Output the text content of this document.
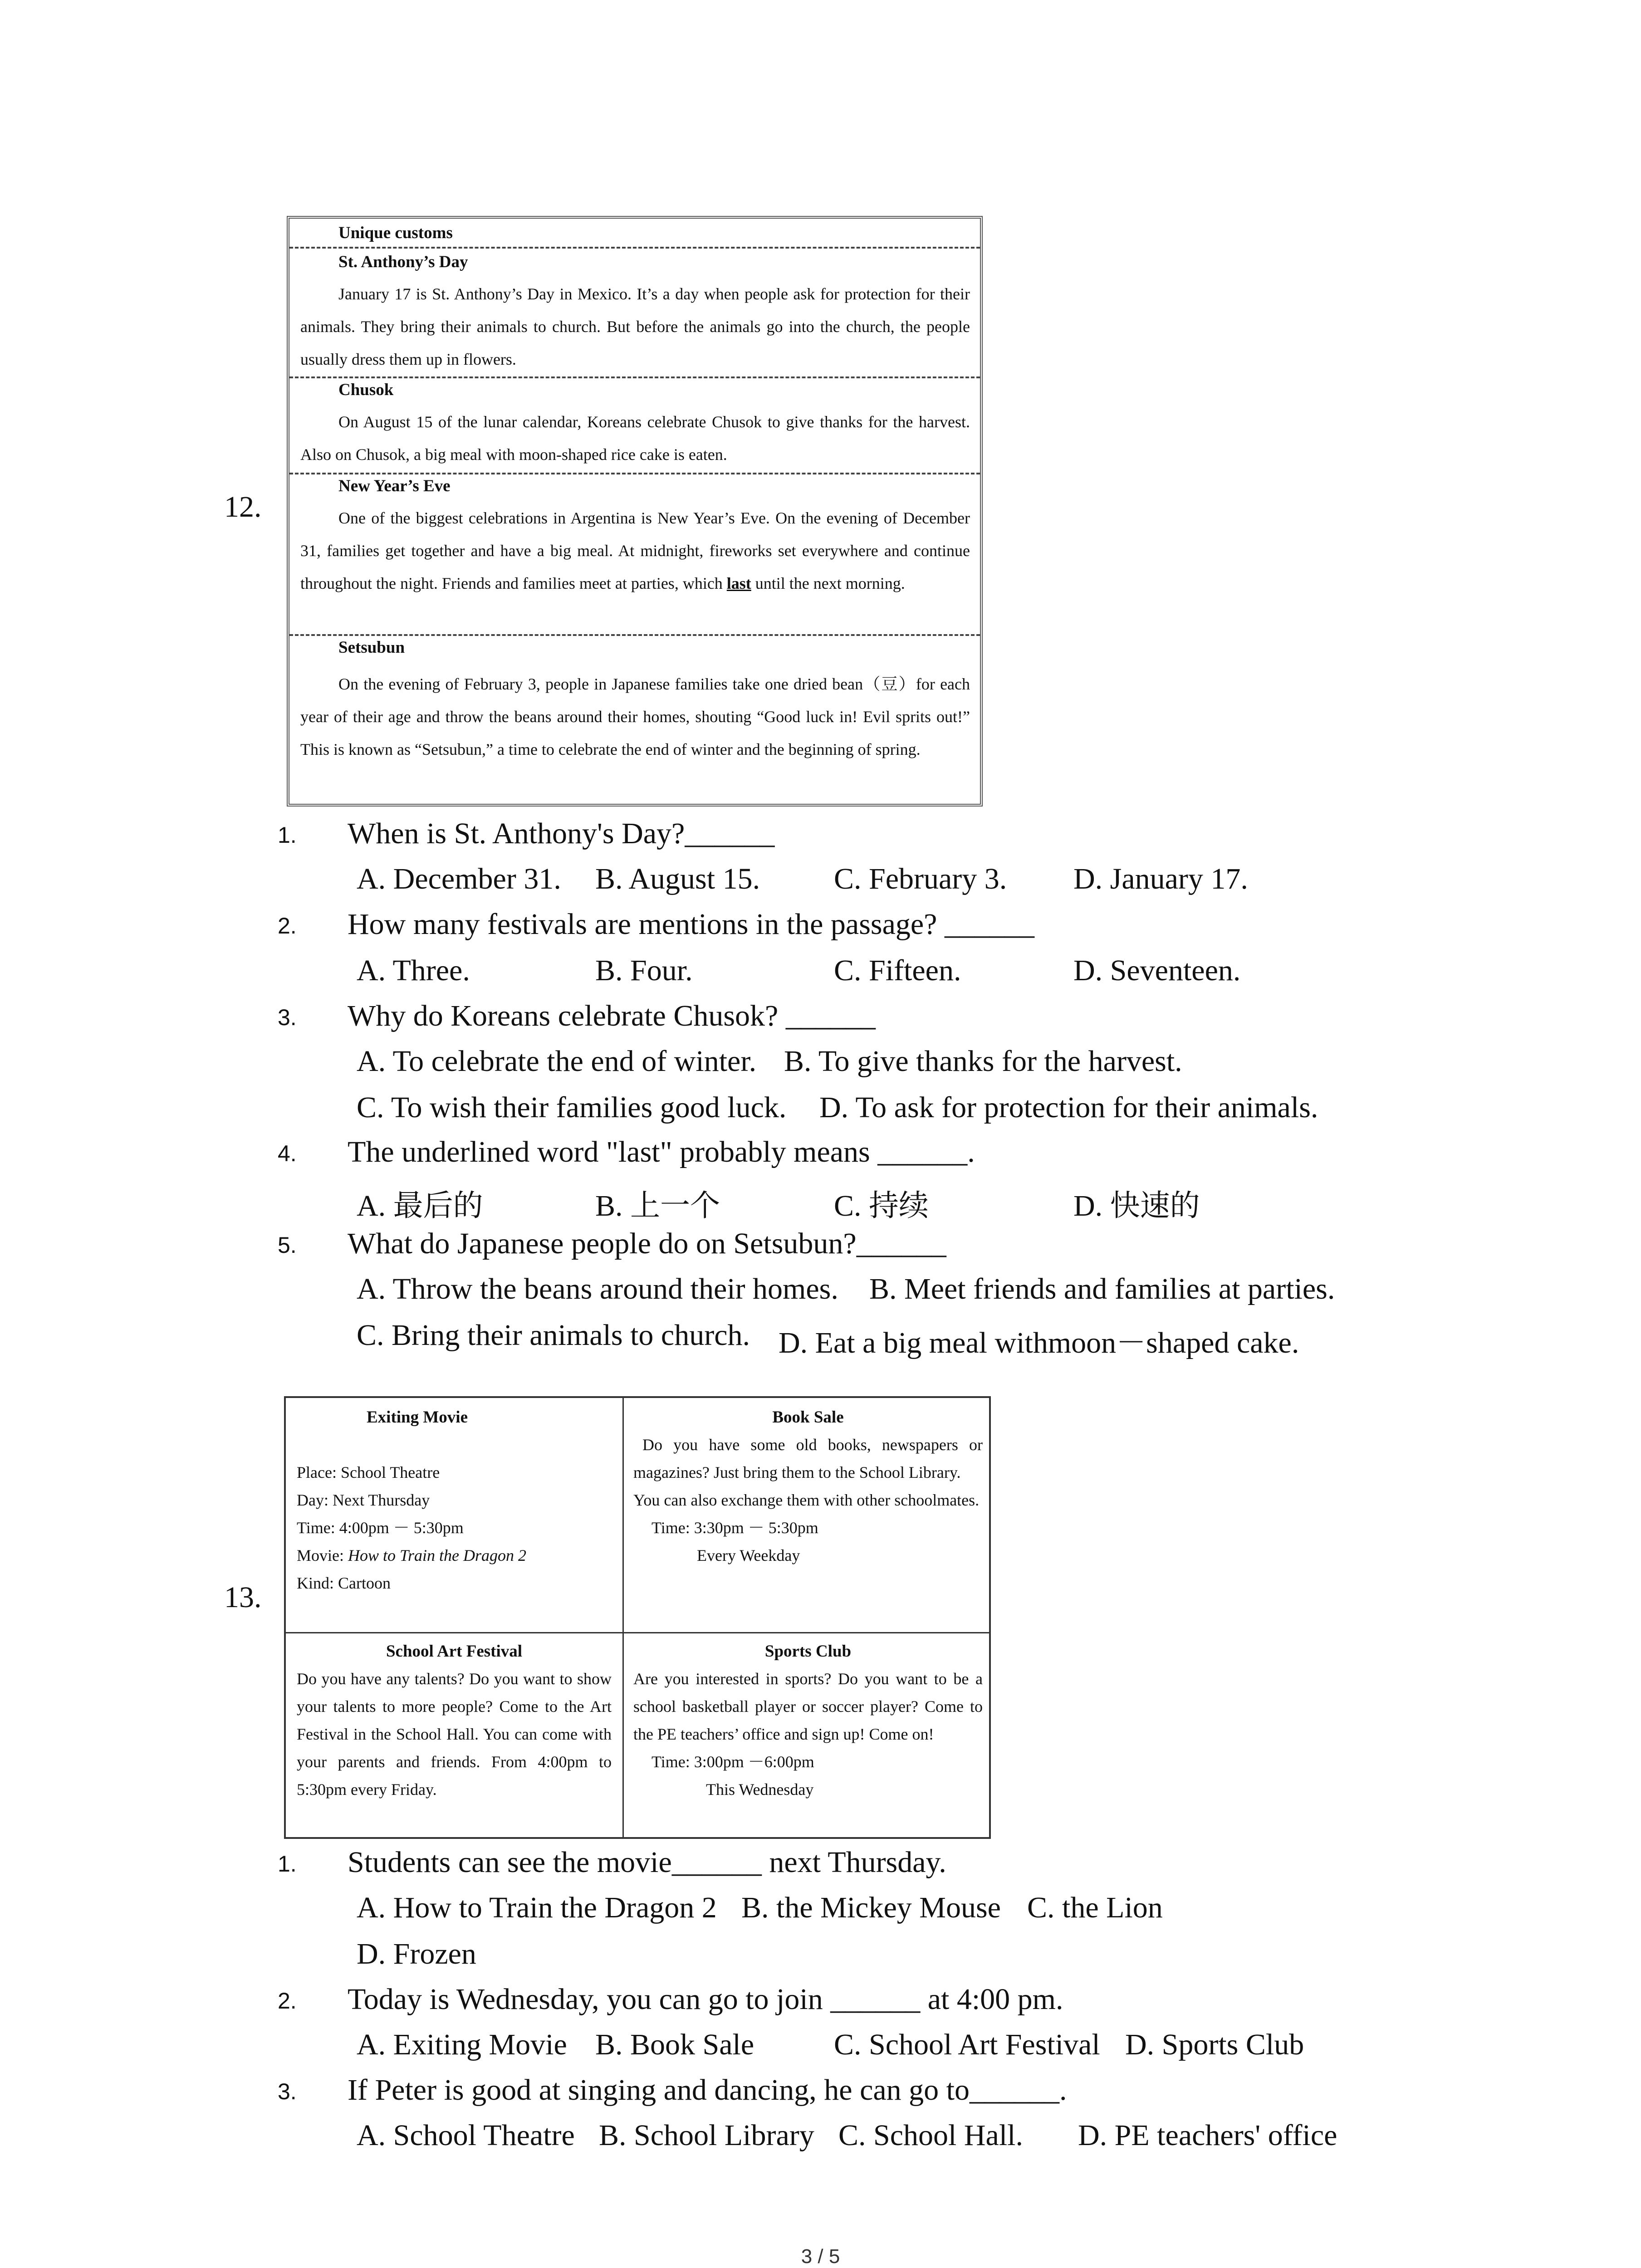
12.
Unique customs
St. Anthony’s Day
January 17 is St. Anthony’s Day in Mexico. It’s a day when people ask for protection for their animals. They bring their animals to church. But before the animals go into the church, the people usually dress them up in flowers.
Chusok
On August 15 of the lunar calendar, Koreans celebrate Chusok to give thanks for the harvest. Also on Chusok, a big meal with moon-shaped rice cake is eaten.
New Year’s Eve
One of the biggest celebrations in Argentina is New Year’s Eve. On the evening of December 31, families get together and have a big meal. At midnight, fireworks set everywhere and continue throughout the night. Friends and families meet at parties, which last until the next morning.
Setsubun
On the evening of February 3, people in Japanese families take one dried bean（豆）for each year of their age and throw the beans around their homes, shouting “Good luck in! Evil sprits out!” This is known as “Setsubun,” a time to celebrate the end of winter and the beginning of spring.
1. When is St. Anthony's Day?______
A. December 31. B. August 15. C. February 3. D. January 17.
2. How many festivals are mentions in the passage? ______
A. Three.	B. Four.	C. Fifteen.	D. Seventeen.
3. Why do Koreans celebrate Chusok? ______
A. To celebrate the end of winter. B. To give thanks for the harvest.
C. To wish their families good luck. D. To ask for protection for their animals.
4. The underlined word "last" probably means ______.
A. 最后的	B. 上一个	C. 持续	D. 快速的
5. What do Japanese people do on Setsubun?______
A. Throw the beans around their homes. B. Meet friends and families at parties.
C. Bring their animals to church. D. Eat a big meal withmoon－shaped cake.
13.
Exiting Movie
Place: School Theatre
Day: Next Thursday
Time: 4:00pm － 5:30pm
Movie: How to Train the Dragon 2
Kind: Cartoon
Book Sale
Do you have some old books, newspapers or magazines? Just bring them to the School Library.
You can also exchange them with other schoolmates.
Time: 3:30pm － 5:30pm
Every Weekday
School Art Festival
Do you have any talents? Do you want to show your talents to more people? Come to the Art Festival in the School Hall. You can come with your parents and friends. From 4:00pm to 5:30pm every Friday.
Sports Club
Are you interested in sports? Do you want to be a school basketball player or soccer player? Come to the PE teachers’ office and sign up! Come on!
Time: 3:00pm －6:00pm
This Wednesday
1. Students can see the movie______ next Thursday.
A. How to Train the Dragon 2 B. the Mickey Mouse C. the Lion
D. Frozen
2. Today is Wednesday, you can go to join ______ at 4:00 pm.
A. Exiting Movie B. Book Sale	C. School Art Festival D. Sports Club
3. If Peter is good at singing and dancing, he can go to______.
A. School Theatre B. School Library C. School Hall. D. PE teachers' office
3 / 5
